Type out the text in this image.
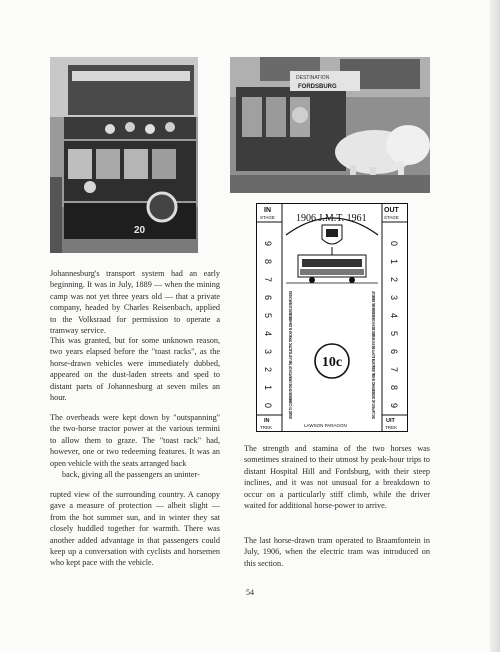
20
DESTINATION
FORDSBURG
IN
STAGE
OUT
STAGE
1906 J.M.T. 1961
9
8
7
6
5
4
3
2
1
0
0
1
2
3
4
5
6
7
8
9
UITGEREIK TER HERDENKING VAN DIE GEBRUIK VAN DIE LAASTE ELEKTRIESE TREM IN JOHANNESBURG OP 18 MAART 1961
10c
IN
TREK
UIT
TREK
LAWSON PARAGON

Johannesburg's transport system had an early beginning. It was in July, 1889 — when the mining camp was not yet three years old — that a private company, headed by Charles Reisenbach, applied to the Volksraad for permission to operate a tramway service.

This was granted, but for some unknown reason, two years elapsed before the "toast racks", as the horse-drawn vehicles were immediately dubbed, appeared on the dust-laden streets and sped to distant parts of Johannesburg at seven miles an hour.

The overheads were kept down by "outspanning" the two-horse tractor power at the various termini to allow them to graze. The "toast rack" had, however, one or two redeeming features. It was an open vehicle with the seats arranged back

back, giving all the passengers an uninter-

rupted view of the surrounding country. A canopy gave a measure of protection — albeit slight — from the hot summer sun, and in winter they sat closely huddled together for warmth. There was another added advantage in that passengers could keep up a conversation with cyclists and horsemen who kept pace with the vehicle.

The strength and stamina of the two horses was sometimes strained to their utmost by peak-hour trips to distant Hospital Hill and Fordsburg, with their steep inclines, and it was not unusual for a breakdown to occur on a particularly stiff climb, while the driver waited for additional horse-power to arrive.

The last horse-drawn tram operated to Braamfontein in July, 1906, when the electric tram was introduced on this section.

54
